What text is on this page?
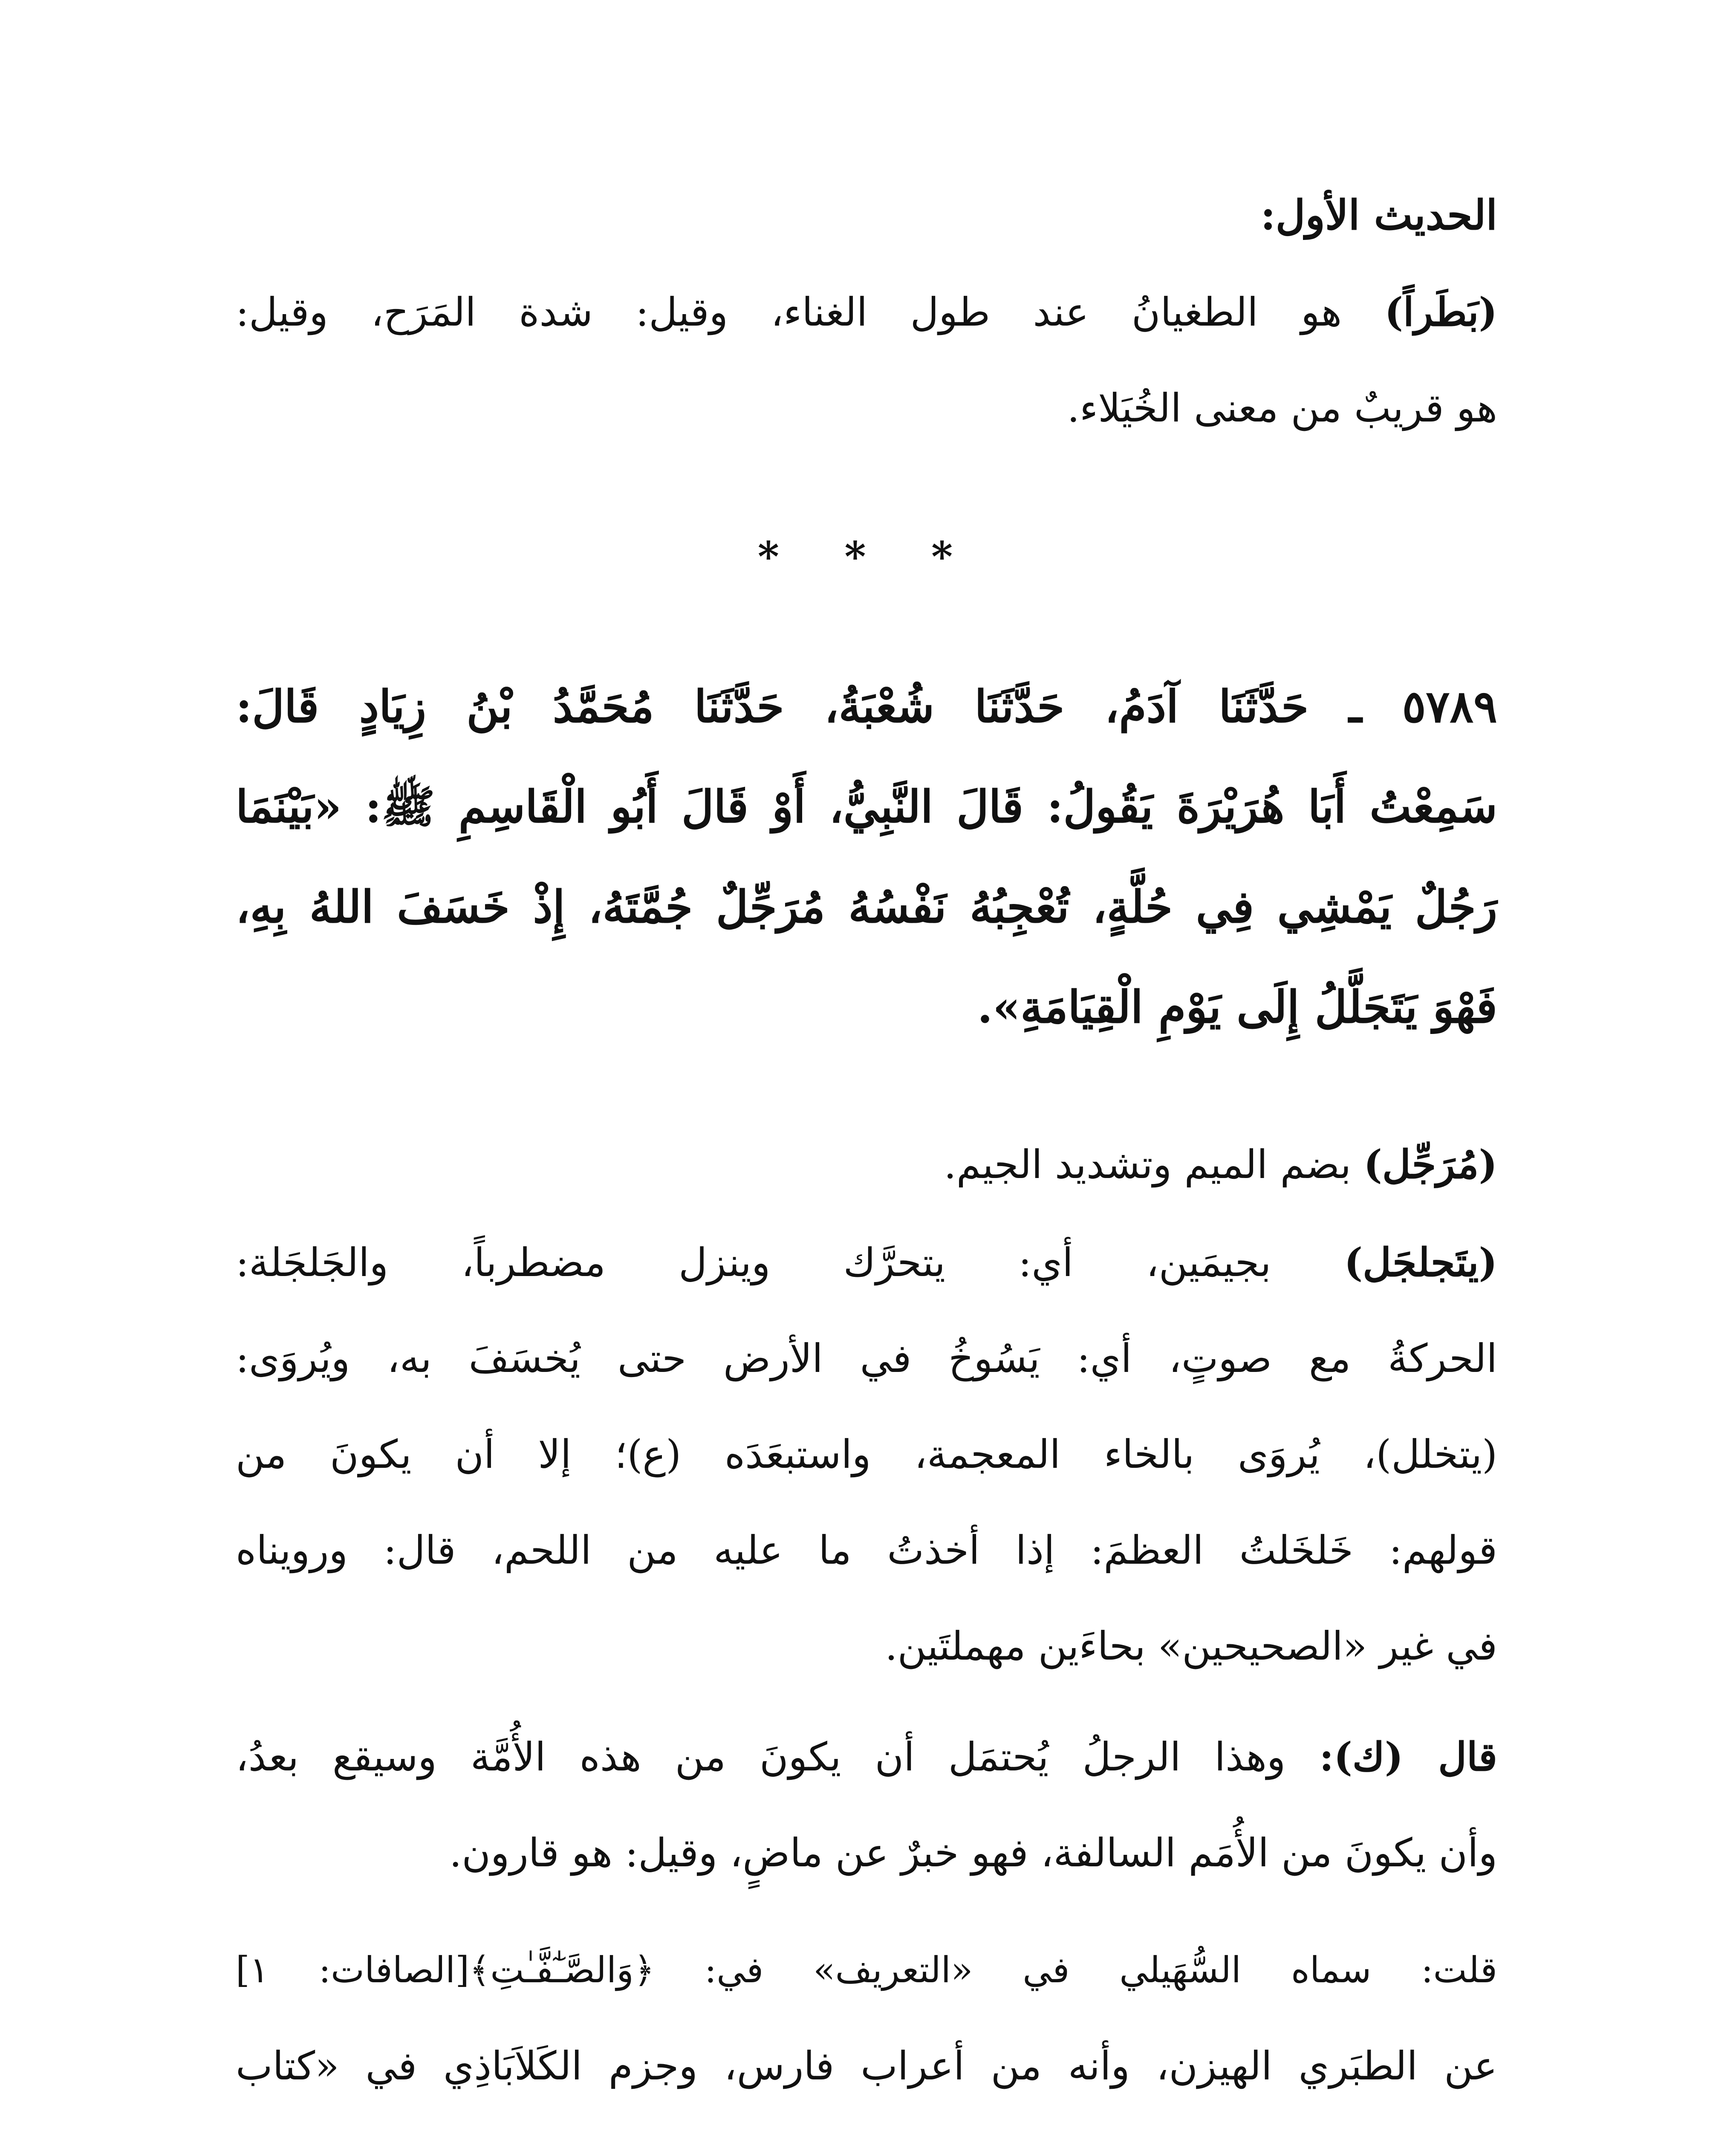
الحديث الأول:
(بَطَراً) هو الطغيانُ عند طول الغناء، وقيل: شدة المَرَح، وقيل:
هو قريبٌ من معنى الخُيَلاء.
* * *
٥٧٨٩ ـ حَدَّثَنَا آدَمُ، حَدَّثَنَا شُعْبَةُ، حَدَّثَنَا مُحَمَّدُ بْنُ زِيَادٍ قَالَ:
سَمِعْتُ أَبَا هُرَيْرَةَ يَقُولُ: قَالَ النَّبِيُّ، أَوْ قَالَ أَبُو الْقَاسِمِ ﷺ: «بَيْنَمَا
رَجُلٌ يَمْشِي فِي حُلَّةٍ، تُعْجِبُهُ نَفْسُهُ مُرَجِّلٌ جُمَّتَهُ، إِذْ خَسَفَ اللهُ بِهِ،
فَهْوَ يَتَجَلَّلُ إِلَى يَوْمِ الْقِيَامَةِ».
(مُرَجِّل) بضم الميم وتشديد الجيم.
(يتَجلجَل) بجيمَين، أي: يتحرَّك وينزل مضطرباً، والجَلجَلة:
الحركةُ مع صوتٍ، أي: يَسُوخُ في الأرض حتى يُخسَفَ به، ويُروَى:
(يتخلل)، يُروَى بالخاء المعجمة، واستبعَدَه (ع)؛ إلا أن يكونَ من
قولهم: خَلخَلتُ العظمَ: إذا أخذتُ ما عليه من اللحم، قال: ورويناه
في غير «الصحيحين» بحاءَين مهملتَين.
قال (ك): وهذا الرجلُ يُحتمَل أن يكونَ من هذه الأُمَّة وسيقع بعدُ،
وأن يكونَ من الأُمَم السالفة، فهو خبرٌ عن ماضٍ، وقيل: هو قارون.
قلت: سماه السُّهَيلي في «التعريف» في: ﴿وَالصَّـٰٓفَّـٰتِ﴾[الصافات: ١]
عن الطبَري الهيزن، وأنه من أعراب فارس، وجزم الكَلاَبَاذِي في «كتاب
